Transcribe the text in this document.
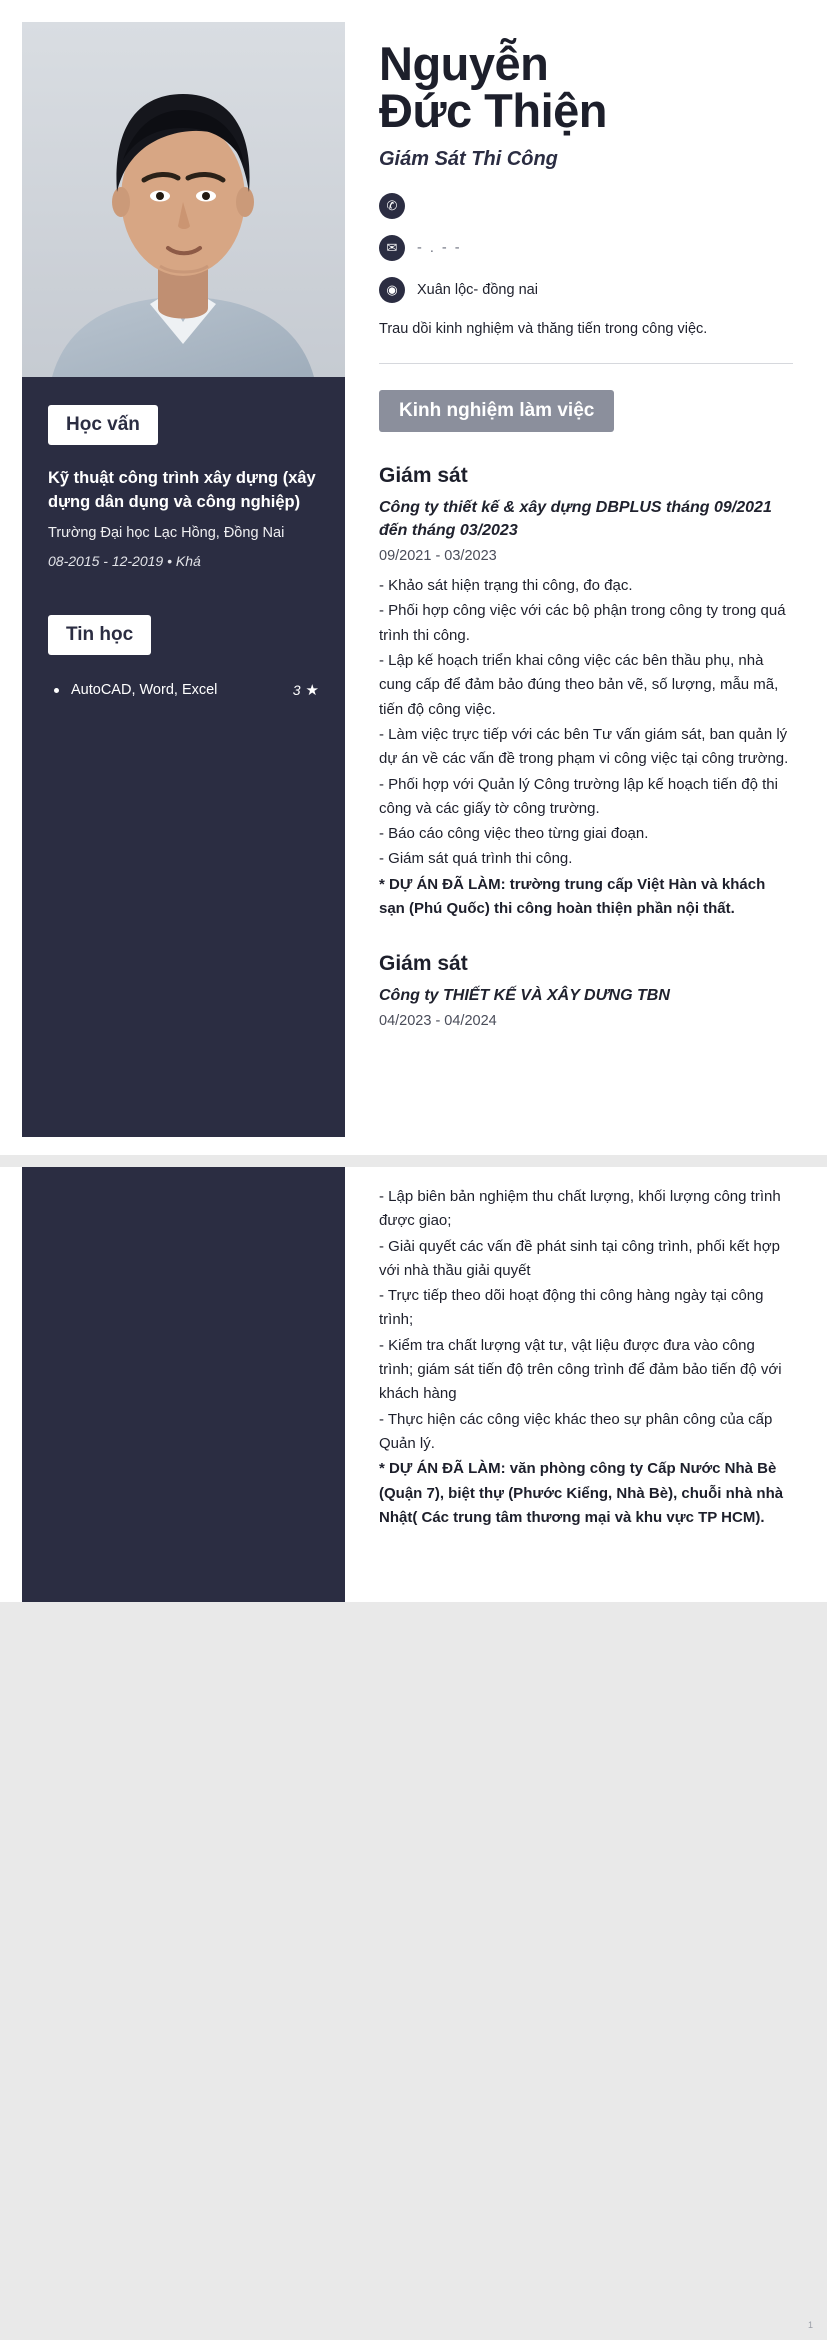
Học vấn
Kỹ thuật công trình xây dựng (xây dựng dân dụng và công nghiệp)
Trường Đại học Lạc Hồng, Đồng Nai
08-2015 - 12-2019 • Khá
Tin học
AutoCAD, Word, Excel	3 ★
Nguyễn
Đức Thiện
Giám Sát Thi Công
✆
✉	- . - -
◉	Xuân lộc- đồng nai
Trau dồi kinh nghiệm và thăng tiến trong công việc.
Kinh nghiệm làm việc
Giám sát
Công ty thiết kế & xây dựng DBPLUS tháng 09/2021 đến tháng 03/2023
09/2021 - 03/2023
- Khảo sát hiện trạng thi công, đo đạc.
- Phối hợp công việc với các bộ phận trong công ty trong quá trình thi công.
- Lập kế hoạch triển khai công việc các bên thầu phụ, nhà cung cấp để đảm bảo đúng theo bản vẽ, số lượng, mẫu mã, tiến độ công việc.
- Làm việc trực tiếp với các bên Tư vấn giám sát, ban quản lý dự án về các vấn đề trong phạm vi công việc tại công trường.
- Phối hợp với Quản lý Công trường lập kế hoạch tiến độ thi công và các giấy tờ công trường.
- Báo cáo công việc theo từng giai đoạn.
- Giám sát quá trình thi công.
* DỰ ÁN ĐÃ LÀM: trường trung cấp Việt Hàn và khách sạn (Phú Quốc) thi công hoàn thiện phần nội thất.
Giám sát
Công ty THIẾT KẾ VÀ XÂY DƯNG TBN
04/2023 - 04/2024
- Lập biên bản nghiệm thu chất lượng, khối lượng công trình được giao;
- Giải quyết các vấn đề phát sinh tại công trình, phối kết hợp với nhà thầu giải quyết
- Trực tiếp theo dõi hoạt động thi công hàng ngày tại công trình;
- Kiểm tra chất lượng vật tư, vật liệu được đưa vào công trình; giám sát tiến độ trên công trình để đảm bảo tiến độ với khách hàng
- Thực hiện các công việc khác theo sự phân công của cấp Quản lý.
* DỰ ÁN ĐÃ LÀM: văn phòng công ty Cấp Nước Nhà Bè (Quận 7), biệt thự (Phước Kiểng, Nhà Bè), chuỗi nhà nhà Nhật( Các trung tâm thương mại và khu vực TP HCM).
1
